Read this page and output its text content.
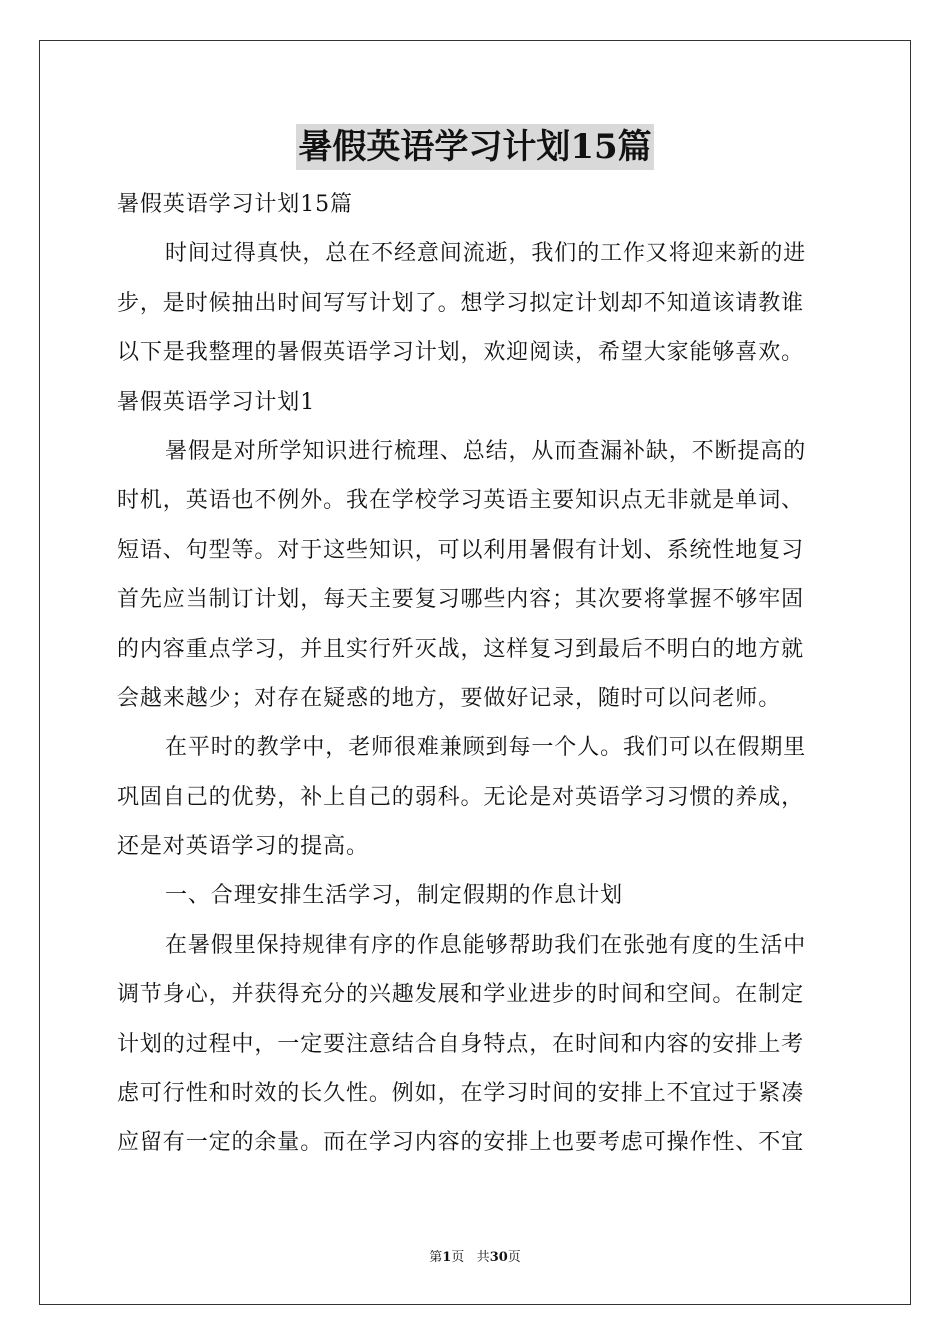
暑假英语学习计划15篇
暑假英语学习计划15篇
时间过得真快，总在不经意间流逝，我们的工作又将迎来新的进
步，是时候抽出时间写写计划了。想学习拟定计划却不知道该请教谁
以下是我整理的暑假英语学习计划，欢迎阅读，希望大家能够喜欢。
暑假英语学习计划1
暑假是对所学知识进行梳理、总结，从而查漏补缺，不断提高的
时机，英语也不例外。我在学校学习英语主要知识点无非就是单词、
短语、句型等。对于这些知识，可以利用暑假有计划、系统性地复习
首先应当制订计划，每天主要复习哪些内容；其次要将掌握不够牢固
的内容重点学习，并且实行歼灭战，这样复习到最后不明白的地方就
会越来越少；对存在疑惑的地方，要做好记录，随时可以问老师。
在平时的教学中，老师很难兼顾到每一个人。我们可以在假期里
巩固自己的优势，补上自己的弱科。无论是对英语学习习惯的养成，
还是对英语学习的提高。
一、合理安排生活学习，制定假期的作息计划
在暑假里保持规律有序的作息能够帮助我们在张弛有度的生活中
调节身心，并获得充分的兴趣发展和学业进步的时间和空间。在制定
计划的过程中，一定要注意结合自身特点，在时间和内容的安排上考
虑可行性和时效的长久性。例如，在学习时间的安排上不宜过于紧凑
应留有一定的余量。而在学习内容的安排上也要考虑可操作性、不宜
第1页 共30页
